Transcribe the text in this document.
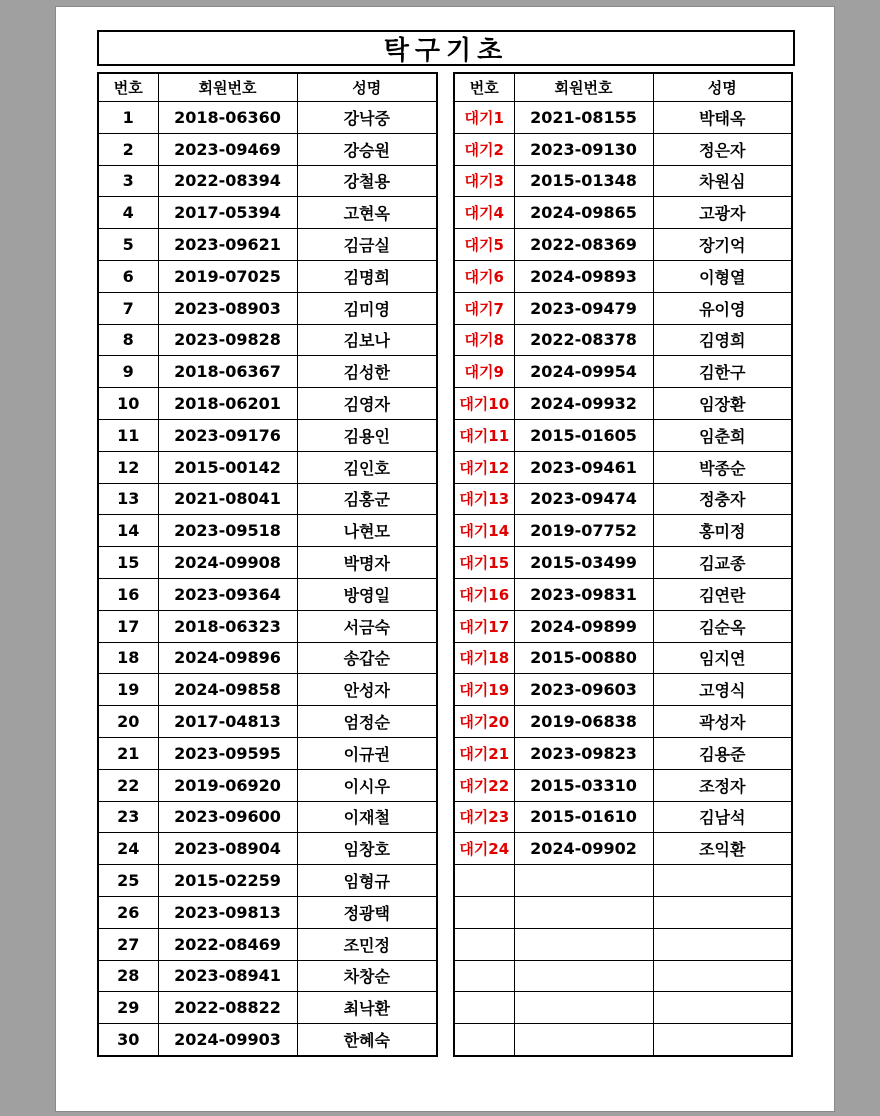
탁구기초
번호	회원번호	성명
1	2018-06360	강낙중
2	2023-09469	강승원
3	2022-08394	강철용
4	2017-05394	고현옥
5	2023-09621	김금실
6	2019-07025	김명희
7	2023-08903	김미영
8	2023-09828	김보나
9	2018-06367	김성한
10	2018-06201	김영자
11	2023-09176	김용인
12	2015-00142	김인호
13	2021-08041	김홍군
14	2023-09518	나현모
15	2024-09908	박명자
16	2023-09364	방영일
17	2018-06323	서금숙
18	2024-09896	송갑순
19	2024-09858	안성자
20	2017-04813	엄정순
21	2023-09595	이규권
22	2019-06920	이시우
23	2023-09600	이재철
24	2023-08904	임창호
25	2015-02259	임형규
26	2023-09813	정광택
27	2022-08469	조민정
28	2023-08941	차창순
29	2022-08822	최낙환
30	2024-09903	한혜숙
번호	회원번호	성명
대기1	2021-08155	박태옥
대기2	2023-09130	정은자
대기3	2015-01348	차원심
대기4	2024-09865	고광자
대기5	2022-08369	장기억
대기6	2024-09893	이형열
대기7	2023-09479	유이영
대기8	2022-08378	김영희
대기9	2024-09954	김한구
대기10	2024-09932	임장환
대기11	2015-01605	임춘희
대기12	2023-09461	박종순
대기13	2023-09474	정충자
대기14	2019-07752	홍미정
대기15	2015-03499	김교종
대기16	2023-09831	김연란
대기17	2024-09899	김순옥
대기18	2015-00880	임지연
대기19	2023-09603	고영식
대기20	2019-06838	곽성자
대기21	2023-09823	김용준
대기22	2015-03310	조정자
대기23	2015-01610	김남석
대기24	2024-09902	조익환
